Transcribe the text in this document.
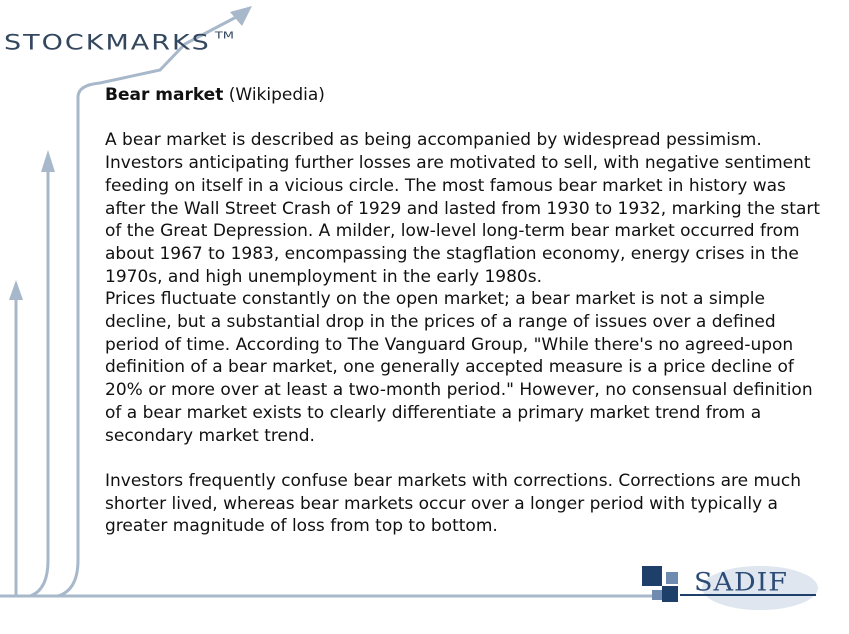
STOCKMARKS ™

Bear market (Wikipedia)

A bear market is described as being accompanied by widespread pessimism. Investors anticipating further losses are motivated to sell, with negative sentiment feeding on itself in a vicious circle. The most famous bear market in history was after the Wall Street Crash of 1929 and lasted from 1930 to 1932, marking the start of the Great Depression. A milder, low-level long-term bear market occurred from about 1967 to 1983, encompassing the stagflation economy, energy crises in the 1970s, and high unemployment in the early 1980s.

Prices fluctuate constantly on the open market; a bear market is not a simple decline, but a substantial drop in the prices of a range of issues over a defined period of time. According to The Vanguard Group, "While there's no agreed-upon definition of a bear market, one generally accepted measure is a price decline of 20% or more over at least a two-month period." However, no consensual definition of a bear market exists to clearly differentiate a primary market trend from a secondary market trend.

Investors frequently confuse bear markets with corrections. Corrections are much shorter lived, whereas bear markets occur over a longer period with typically a greater magnitude of loss from top to bottom.

SADIF
